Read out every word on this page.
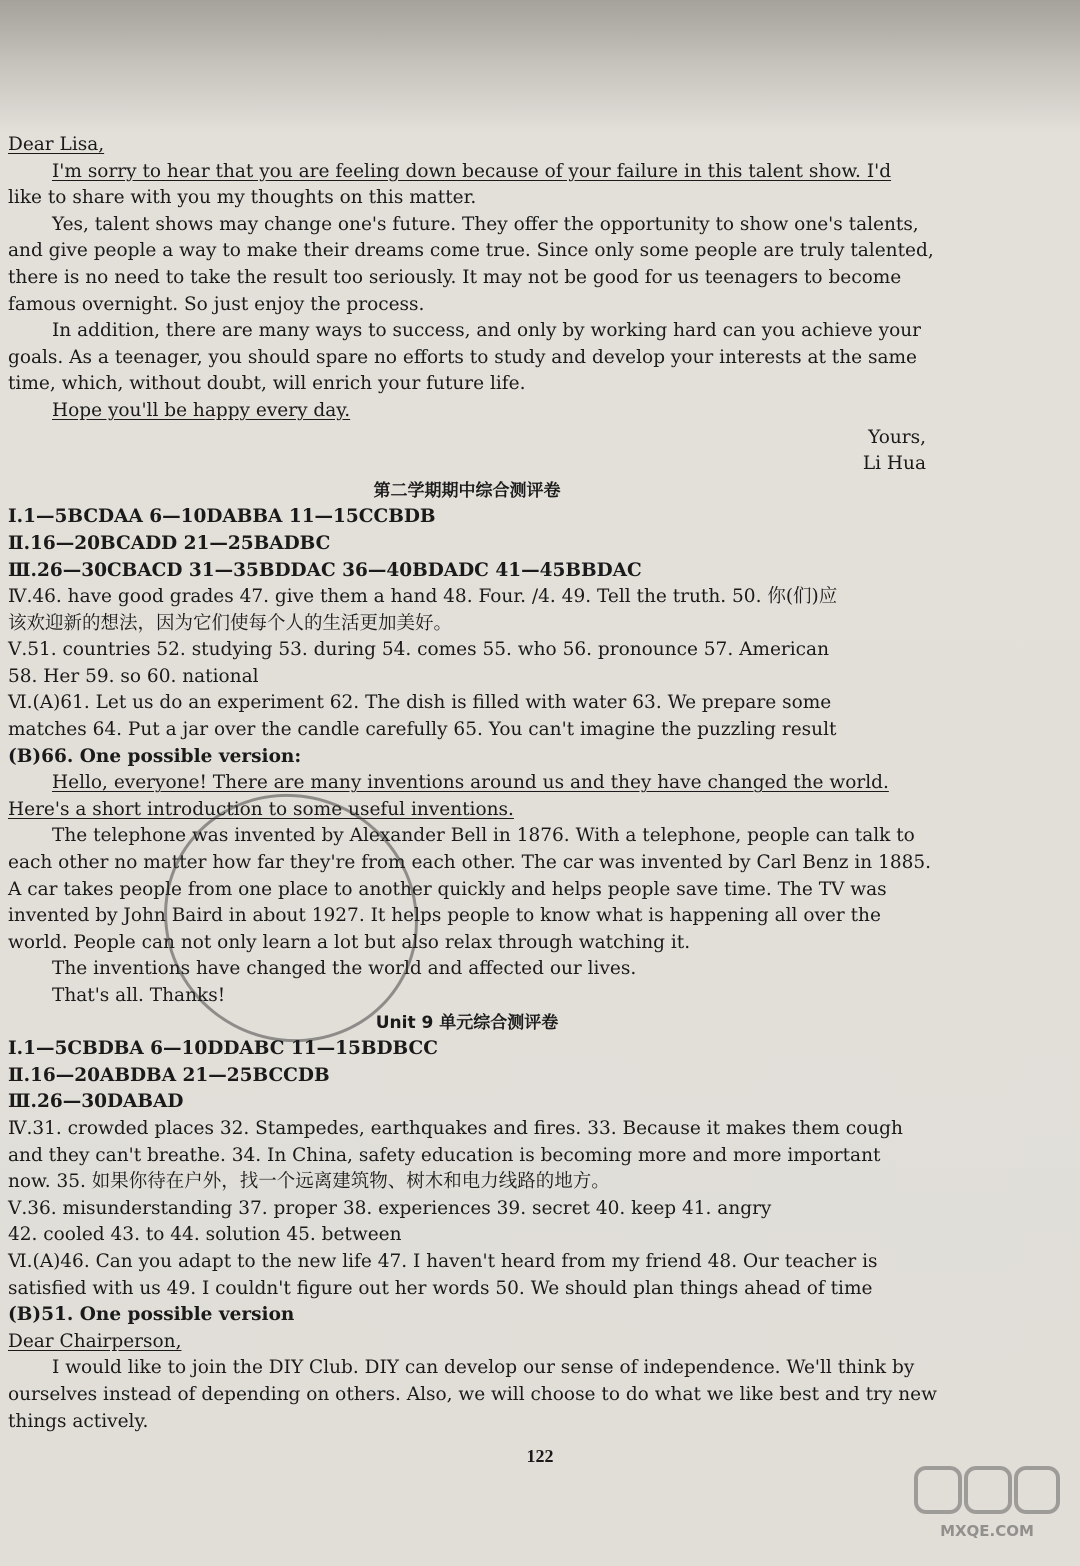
Dear Lisa,
I'm sorry to hear that you are feeling down because of your failure in this talent show. I'd
like to share with you my thoughts on this matter.
Yes, talent shows may change one's future. They offer the opportunity to show one's talents,
and give people a way to make their dreams come true. Since only some people are truly talented,
there is no need to take the result too seriously. It may not be good for us teenagers to become
famous overnight. So just enjoy the process.
In addition, there are many ways to success, and only by working hard can you achieve your
goals. As a teenager, you should spare no efforts to study and develop your interests at the same
time, which, without doubt, will enrich your future life.
Hope you'll be happy every day.
Yours,
Li Hua
第二学期期中综合测评卷
Ⅰ.1—5BCDAA 6—10DABBA 11—15CCBDB
Ⅱ.16—20BCADD 21—25BADBC
Ⅲ.26—30CBACD 31—35BDDAC 36—40BDADC 41—45BBDAC
Ⅳ.46. have good grades 47. give them a hand 48. Four. /4. 49. Tell the truth. 50. 你(们)应
该欢迎新的想法，因为它们使每个人的生活更加美好。
Ⅴ.51. countries 52. studying 53. during 54. comes 55. who 56. pronounce 57. American
58. Her 59. so 60. national
Ⅵ.(A)61. Let us do an experiment 62. The dish is filled with water 63. We prepare some
matches 64. Put a jar over the candle carefully 65. You can't imagine the puzzling result
(B)66. One possible version:
Hello, everyone! There are many inventions around us and they have changed the world.
Here's a short introduction to some useful inventions.
The telephone was invented by Alexander Bell in 1876. With a telephone, people can talk to
each other no matter how far they're from each other. The car was invented by Carl Benz in 1885.
A car takes people from one place to another quickly and helps people save time. The TV was
invented by John Baird in about 1927. It helps people to know what is happening all over the
world. People can not only learn a lot but also relax through watching it.
The inventions have changed the world and affected our lives.
That's all. Thanks!
Unit 9 单元综合测评卷
Ⅰ.1—5CBDBA 6—10DDABC 11—15BDBCC
Ⅱ.16—20ABDBA 21—25BCCDB
Ⅲ.26—30DABAD
Ⅳ.31. crowded places 32. Stampedes, earthquakes and fires. 33. Because it makes them cough
and they can't breathe. 34. In China, safety education is becoming more and more important
now. 35. 如果你待在户外，找一个远离建筑物、树木和电力线路的地方。
Ⅴ.36. misunderstanding 37. proper 38. experiences 39. secret 40. keep 41. angry
42. cooled 43. to 44. solution 45. between
Ⅵ.(A)46. Can you adapt to the new life 47. I haven't heard from my friend 48. Our teacher is
satisfied with us 49. I couldn't figure out her words 50. We should plan things ahead of time
(B)51. One possible version
Dear Chairperson,
I would like to join the DIY Club. DIY can develop our sense of independence. We'll think by
ourselves instead of depending on others. Also, we will choose to do what we like best and try new
things actively.
122
MXQE.COM
